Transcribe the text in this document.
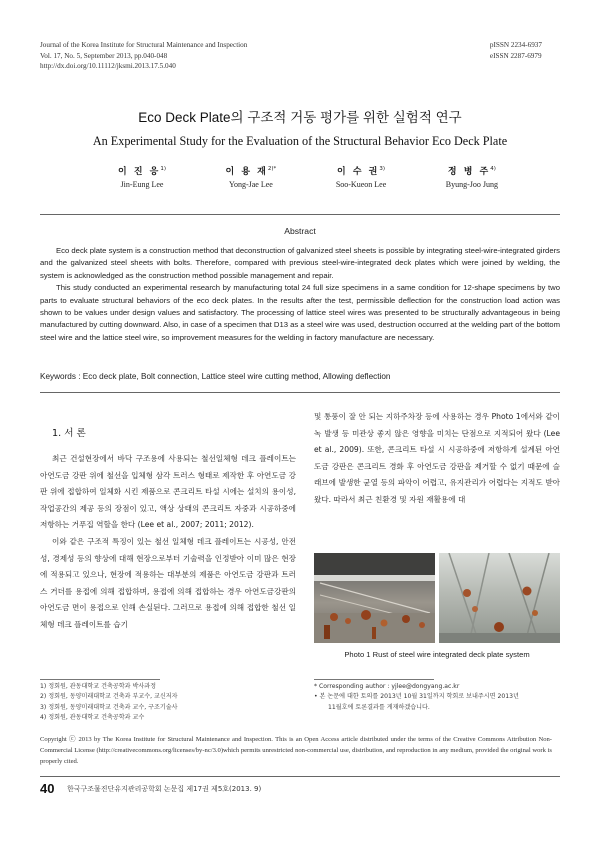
Journal of the Korea Institute for Structural Maintenance and Inspection
Vol. 17, No. 5, September 2013, pp.040-048
http://dx.doi.org/10.11112/jksmi.2013.17.5.040
pISSN 2234-6937
eISSN 2287-6979
Eco Deck Plate의 구조적 거동 평가를 위한 실험적 연구
An Experimental Study for the Evaluation of the Structural Behavior Eco Deck Plate
이 진 응$^{1)}$
Jin-Eung Lee
이 용 재$^{2)*}$
Yong-Jae Lee
이 수 권$^{3)}$
Soo-Kueon Lee
정 병 주$^{4)}$
Byung-Joo Jung
Abstract

Eco deck plate system is a construction method that deconstruction of galvanized steel sheets is possible by integrating steel-wire-integrated girders and the galvanized steel sheets with bolts. Therefore, compared with previous steel-wire-integrated deck plates which were joined by welding, the system is acknowledged as the construction method possible management and repair.

This study conducted an experimental research by manufacturing total 24 full size specimens in a same condition for 12-shape specimens by two parts to evaluate structural behaviors of the eco deck plates. In the results after the test, permissible deflection for the construction load action was shown to be values under design values and satisfactory. The processing of lattice steel wires was presented to be structurally advantageous in being manufactured by cutting downward. Also, in case of a specimen that D13 as a steel wire was used, destruction occurred at the welding part of the bottom steel wire and the lattice steel wire, so improvement measures for the welding in factory manufacture are necessary.

Keywords : Eco deck plate, Bolt connection, Lattice steel wire cutting method, Allowing deflection
1. 서 론

최근 건설현장에서 바닥 구조용에 사용되는 철선일체형 데크 플레이트는 아연도금 강판 위에 철선을 입체형 삼각 트러스 형태로 제작한 후 아연도금 강판 위에 접합하여 일체화 시킨 제품으로 콘크리트 타설 시에는 설치의 용이성, 작업공간의 제공 등의 장점이 있고, 액상 상태의 콘크리트 자중과 시공하중에 저항하는 거푸집 역할을 한다 (Lee et al., 2007; 2011; 2012).

이와 같은 구조적 특징이 있는 철선 일체형 데크 플레이트는 시공성, 안전성, 경제성 등의 향상에 대해 현장으로부터 기술력을 인정받아 이미 많은 현장에 적용되고 있으나, 현장에 적용하는 대부분의 제품은 아연도금 강판과 트러스 거더를 용접에 의해 접합하며, 용접에 의해 접합하는 경우 아연도금강판의 아연도금 면이 용접으로 인해 손실된다. 그러므로 용접에 의해 접합한 철선 일체형 데크 플레이트를 습기

및 통풍이 잘 안 되는 지하주차장 등에 사용하는 경우 Photo 1에서와 같이 녹 발생 등 미관상 좋지 않은 영향을 미치는 단점으로 지적되어 왔다 (Lee et al., 2009). 또한, 콘크리트 타설 시 시공하중에 저항하게 설계된 아연도금 강판은 콘크리트 경화 후 아연도금 강판을 제거할 수 없기 때문에 슬래브에 발생한 균열 등의 파악이 어렵고, 유지관리가 어렵다는 지적도 받아왔다. 따라서 최근 친환경 및 자원 재활용에 대

Photo 1 Rust of steel wire integrated deck plate system
1) 정회원, 관동대학교 건축공학과 박사과정
2) 정회원, 동양미래대학교 건축과 부교수, 교신저자
3) 정회원, 동양미래대학교 건축과 교수, 구조기술사
4) 정회원, 관동대학교 건축공학과 교수
* Corresponding author : yjlee@dongyang.ac.kr
• 본 논문에 대한 토의를 2013년 10월 31일까지 학회로 보내주시면 2013년
11월호에 토론결과를 게재하겠습니다.
Copyright ⓒ 2013 by The Korea Institute for Structural Maintenance and Inspection. This is an Open Access article distributed under the terms of the Creative Commons Attribution Non-Commercial License (http://creativecommons.org/licenses/by-nc/3.0)which permits unrestricted non-commercial use, distribution, and reproduction in any medium, provided the original work is properly cited.
40 한국구조물진단유지관리공학회 논문집 제17권 제5호(2013. 9)
